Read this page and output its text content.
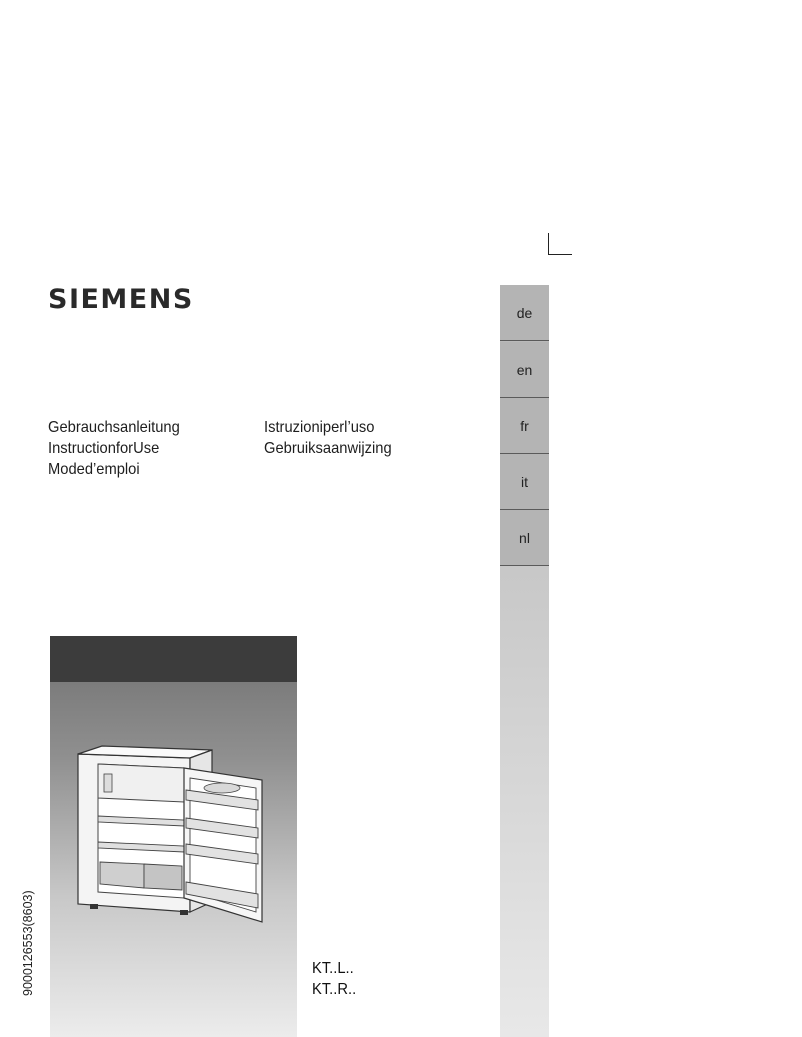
SIEMENS
Gebrauchsanleitung
InstructionforUse
Moded’emploi
Istruzioniperl’uso
Gebruiksaanwijzing
de
en
fr
it
nl
9000126553(8603)	KT..L..
KT..R..
